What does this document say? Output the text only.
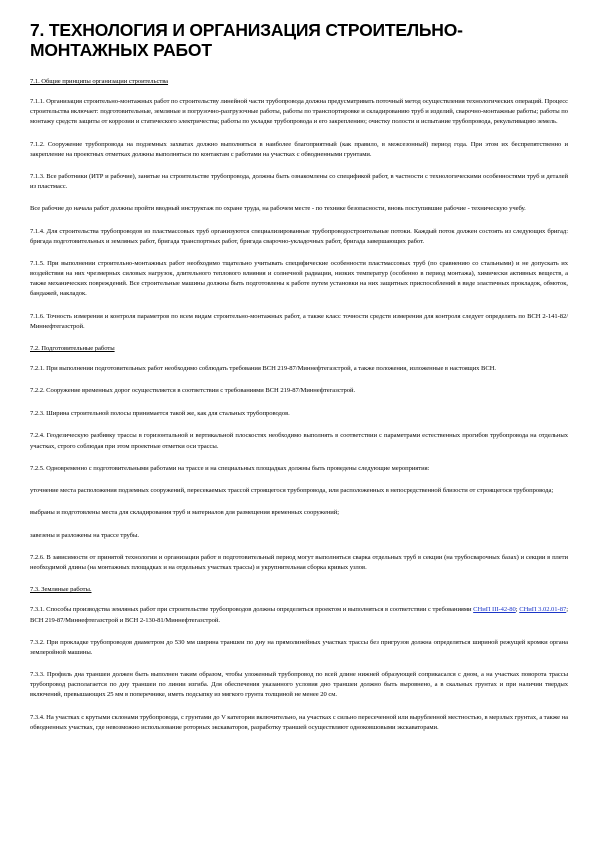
7. ТЕХНОЛОГИЯ И ОРГАНИЗАЦИЯ СТРОИТЕЛЬНО-МОНТАЖНЫХ РАБОТ
7.1. Общие принципы организации строительства
7.1.1. Организация строительно-монтажных работ по строительству линейной части трубопровода должна предусматривать поточный метод осуществления технологических операций. Процесс строительства включает: подготовительные, земляные и погрузочно-разгрузочные работы, работы по транспортировке и складированию труб и изделий, сварочно-монтажные работы; работы по монтажу средств защиты от коррозии и статического электричества; работы по укладке трубопровода и его закреплению; очистку полости и испытание трубопровода, рекультивацию земель.
7.1.2. Сооружение трубопровода на подземных захватах должно выполняться в наиболее благоприятный (как правило, в межсезонный) период года. При этом их беспрепятственно и закрепление на проектных отметках должны выполняться по контактам с работами на участках с обводненными грунтами.
7.1.3. Все работники (ИТР и рабочие), занятые на строительстве трубопровода, должны быть ознакомлены со спецификой работ, в частности с технологическими особенностями труб и деталей из пластмасс.
Все рабочие до начала работ должны пройти вводный инструктаж по охране труда, на рабочем месте - по технике безопасности, вновь поступившие рабочие - техническую учебу.
7.1.4. Для строительства трубопроводов из пластмассовых труб организуются специализированные трубопроводостроительные потоки. Каждый поток должен состоять из следующих бригад: бригада подготовительных и земляных работ, бригада транспортных работ, бригада сварочно-укладочных работ, бригада завершающих работ.
7.1.5. При выполнении строительно-монтажных работ необходимо тщательно учитывать специфические особенности пластмассовых труб (по сравнению со стальными) и не допускать их воздействия на них чрезмерных силовых нагрузок, длительного теплового влияния и солнечной радиации, низких температур (особенно в период монтажа), химически активных веществ, а также механических повреждений. Все строительные машины должны быть подготовлены к работе путем установки на них защитных приспособлений в виде эластичных прокладок, обмоток, бандажей, накладок.
7.1.6. Точность измерения и контроля параметров по всем видам строительно-монтажных работ, а также класс точности средств измерения для контроля следует определять по ВСН 2-141-82/Миннефтегазстрой.
7.2. Подготовительные работы
7.2.1. При выполнении подготовительных работ необходимо соблюдать требования ВСН 219-87/Миннефтегазстрой, а также положения, изложенные в настоящих ВСН.
7.2.2. Сооружение временных дорог осуществляется в соответствии с требованиями ВСН 219-87/Миннефтегазстрой.
7.2.3. Ширина строительной полосы принимается такой же, как для стальных трубопроводов.
7.2.4. Геодезическую разбивку трассы в горизонтальной и вертикальной плоскостях необходимо выполнять в соответствии с параметрами естественных прогибов трубопровода на отдельных участках, строго соблюдая при этом проектные отметки оси трассы.
7.2.5. Одновременно с подготовительными работами на трассе и на специальных площадках должны быть проведены следующие мероприятия:
уточнение места расположения подземных сооружений, пересекаемых трассой строящегося трубопровода, или расположенных в непосредственной близости от строящегося трубопровода;
выбраны и подготовлены места для складирования труб и материалов для размещения временных сооружений;
завезены и разложены на трассе трубы.
7.2.6. В зависимости от принятой технологии и организации работ в подготовительный период могут выполняться сварка отдельных труб в секции (на трубосварочных базах) и секции в плети необходимой длины (на монтажных площадках и на отдельных участках трассы) и укрупнительная сборка кривых узлов.
7.3. Земляные работы.
7.3.1. Способы производства земляных работ при строительстве трубопроводов должны определяться проектом и выполняться в соответствии с требованиями СНиП III-42-80; СНиП 3.02.01-87; ВСН 219-87/Миннефтегазстрой и ВСН 2-130-81/Миннефтегазстрой.
7.3.2. При прокладке трубопроводов диаметром до 530 мм ширина траншеи по дну на прямолинейных участках трассы без пригрузов должна определяться шириной режущей кромки органа землеройной машины.
7.3.3. Профиль дна траншеи должен быть выполнен таким образом, чтобы уложенный трубопровод по всей длине нижней образующей соприкасался с дном, а на участках поворота трассы трубопровод располагается по дну траншеи по линии изгиба. Для обеспечения указанного условия дно траншеи должно быть выровнено, а в скальных грунтах и при наличии твердых включений, превышающих 25 мм в поперечнике, иметь подсыпку из мягкого грунта толщиной не менее 20 см.
7.3.4. На участках с крутыми склонами трубопровода, с грунтами до V категории включительно, на участках с сильно пересеченной или вырубленной местностью, в мерзлых грунтах, а также на обводненных участках, где невозможно использование роторных экскаваторов, разработку траншей осуществляют одноковшовыми экскаваторами.
